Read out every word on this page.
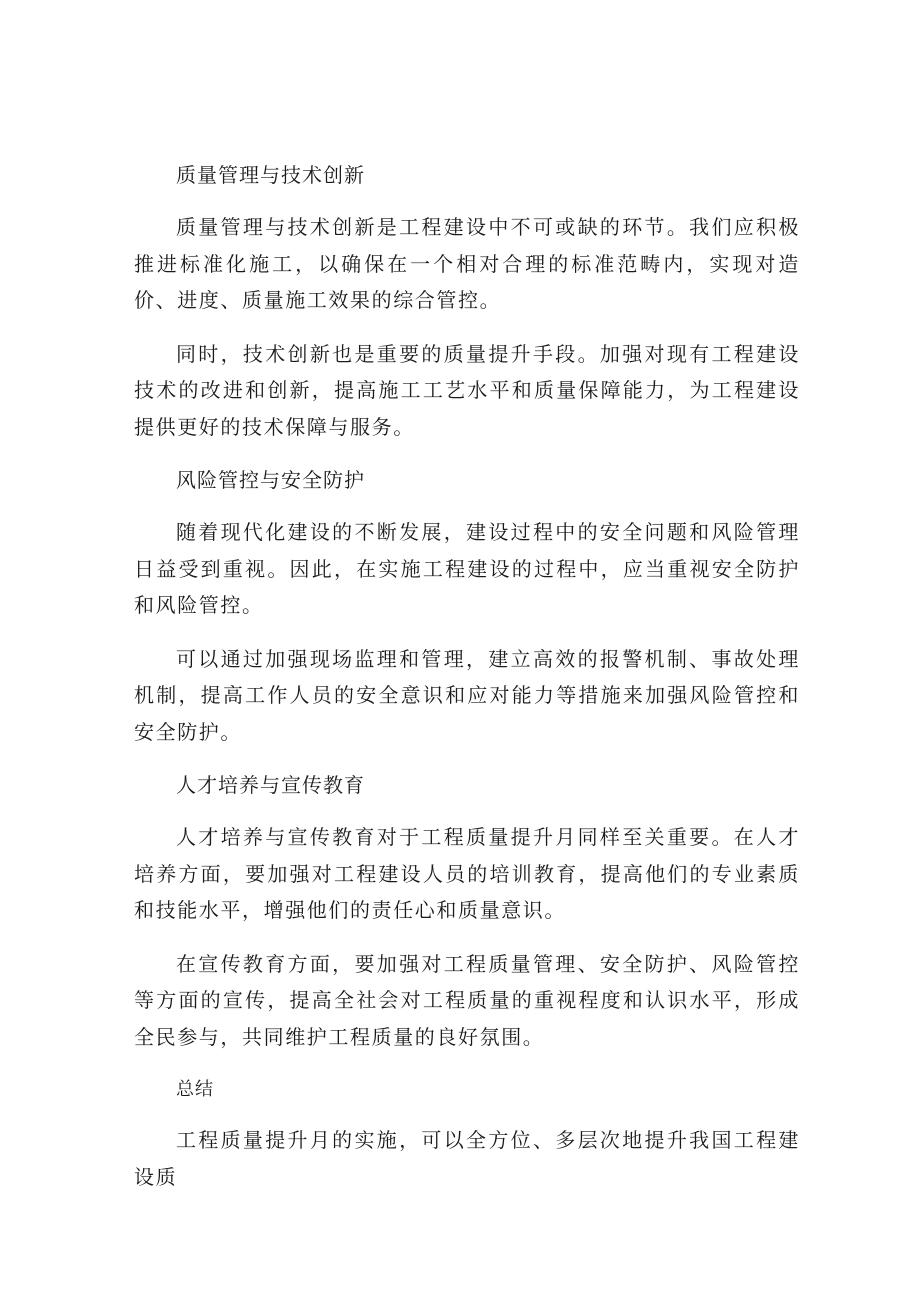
质量管理与技术创新

质量管理与技术创新是工程建设中不可或缺的环节。我们应积极推进标准化施工，以确保在一个相对合理的标准范畴内，实现对造价、进度、质量施工效果的综合管控。

同时，技术创新也是重要的质量提升手段。加强对现有工程建设技术的改进和创新，提高施工工艺水平和质量保障能力，为工程建设提供更好的技术保障与服务。

风险管控与安全防护

随着现代化建设的不断发展，建设过程中的安全问题和风险管理日益受到重视。因此，在实施工程建设的过程中，应当重视安全防护和风险管控。

可以通过加强现场监理和管理，建立高效的报警机制、事故处理机制，提高工作人员的安全意识和应对能力等措施来加强风险管控和安全防护。

人才培养与宣传教育

人才培养与宣传教育对于工程质量提升月同样至关重要。在人才培养方面，要加强对工程建设人员的培训教育，提高他们的专业素质和技能水平，增强他们的责任心和质量意识。

在宣传教育方面，要加强对工程质量管理、安全防护、风险管控等方面的宣传，提高全社会对工程质量的重视程度和认识水平，形成全民参与，共同维护工程质量的良好氛围。

总结

工程质量提升月的实施，可以全方位、多层次地提升我国工程建设质
